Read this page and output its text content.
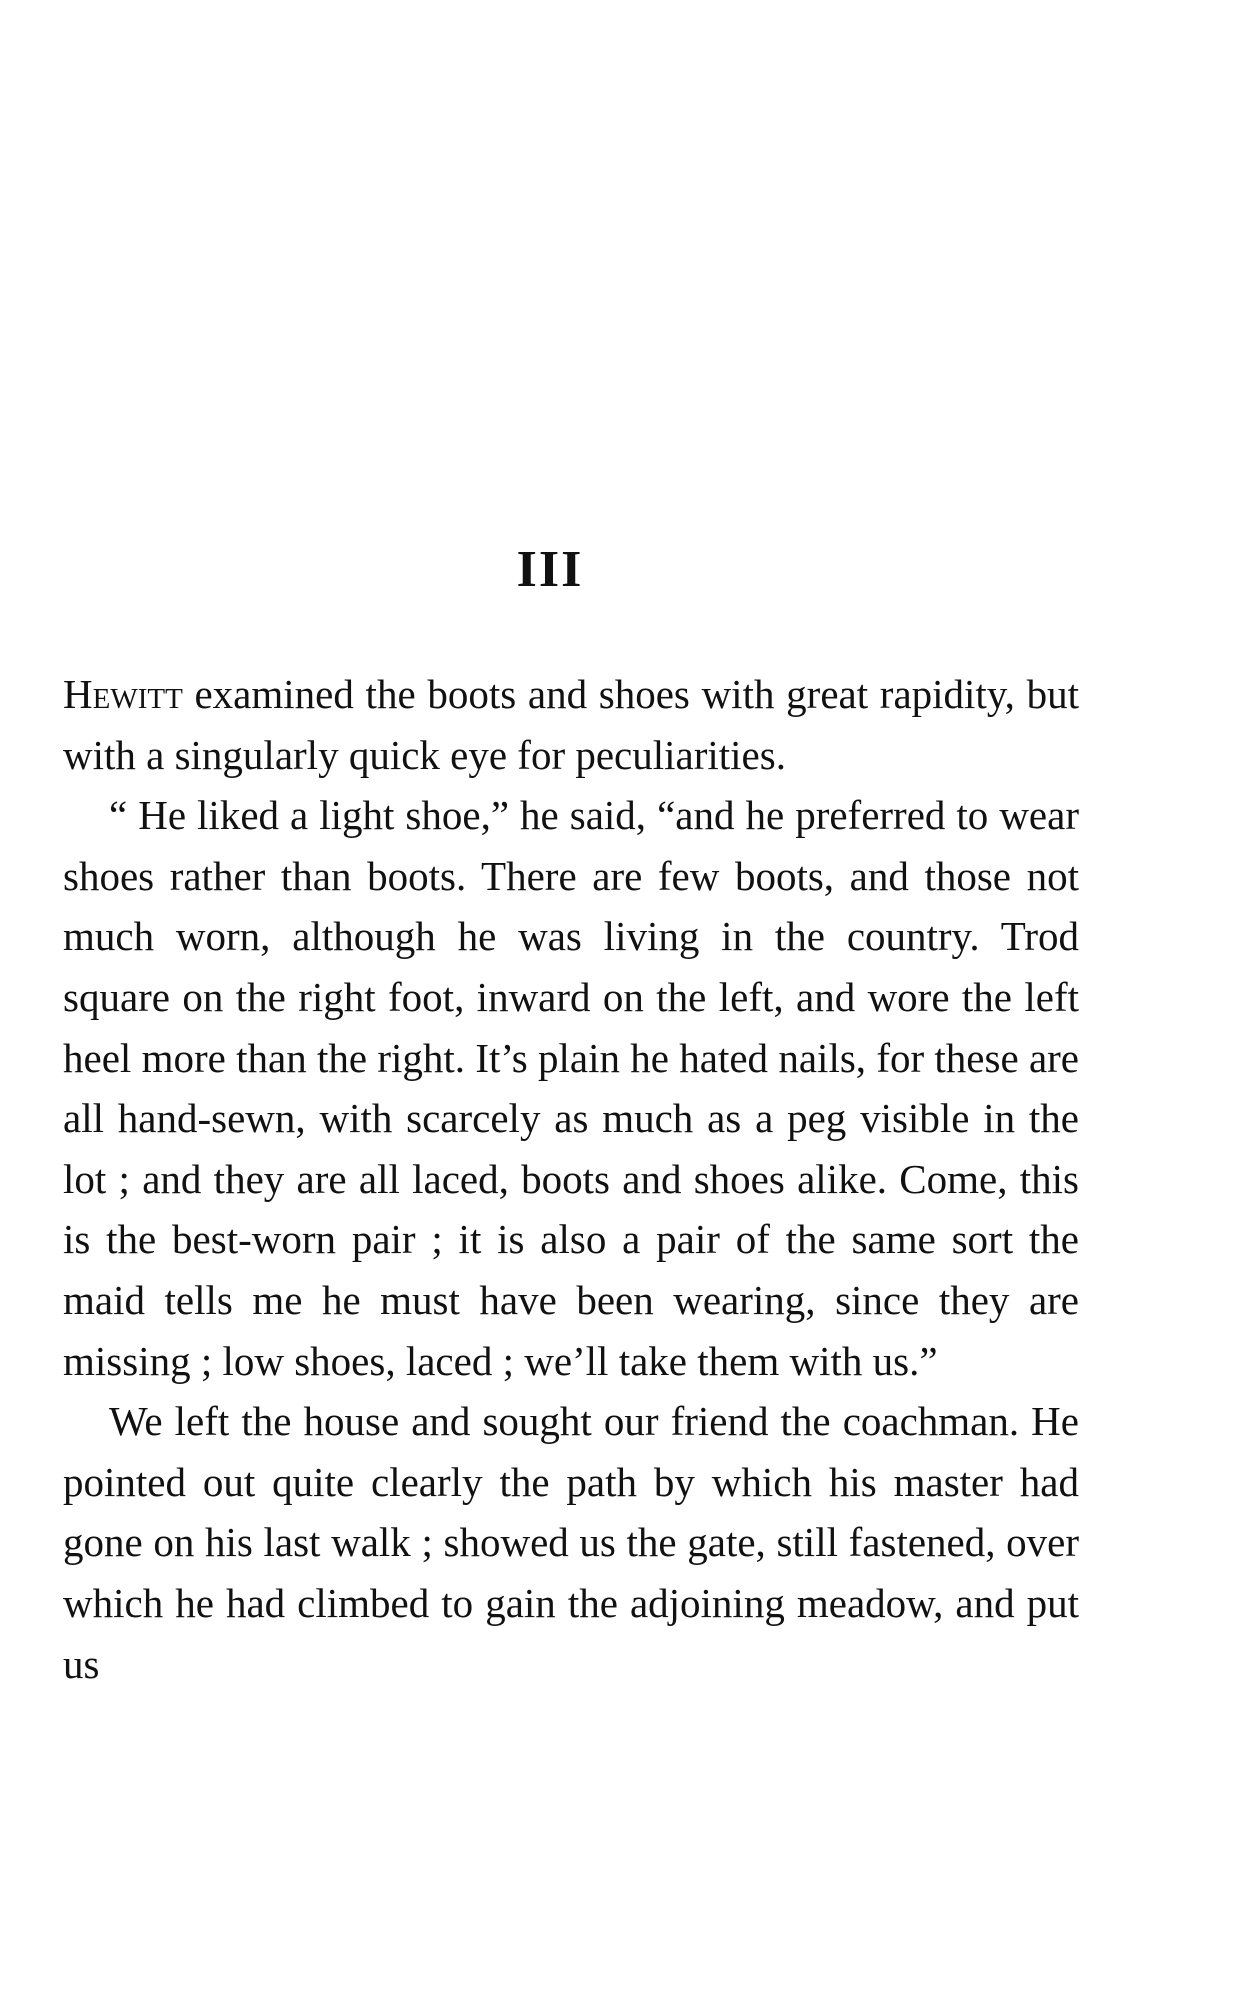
III

Hewitt examined the boots and shoes with great rapidity, but with a singularly quick eye for peculiarities.

“ He liked a light shoe,” he said, “and he preferred to wear shoes rather than boots. There are few boots, and those not much worn, although he was living in the country. Trod square on the right foot, inward on the left, and wore the left heel more than the right. It’s plain he hated nails, for these are all hand-sewn, with scarcely as much as a peg visible in the lot ; and they are all laced, boots and shoes alike. Come, this is the best-worn pair ; it is also a pair of the same sort the maid tells me he must have been wearing, since they are missing ; low shoes, laced ; we’ll take them with us.”

We left the house and sought our friend the coachman. He pointed out quite clearly the path by which his master had gone on his last walk ; showed us the gate, still fastened, over which he had climbed to gain the adjoining meadow, and put us
